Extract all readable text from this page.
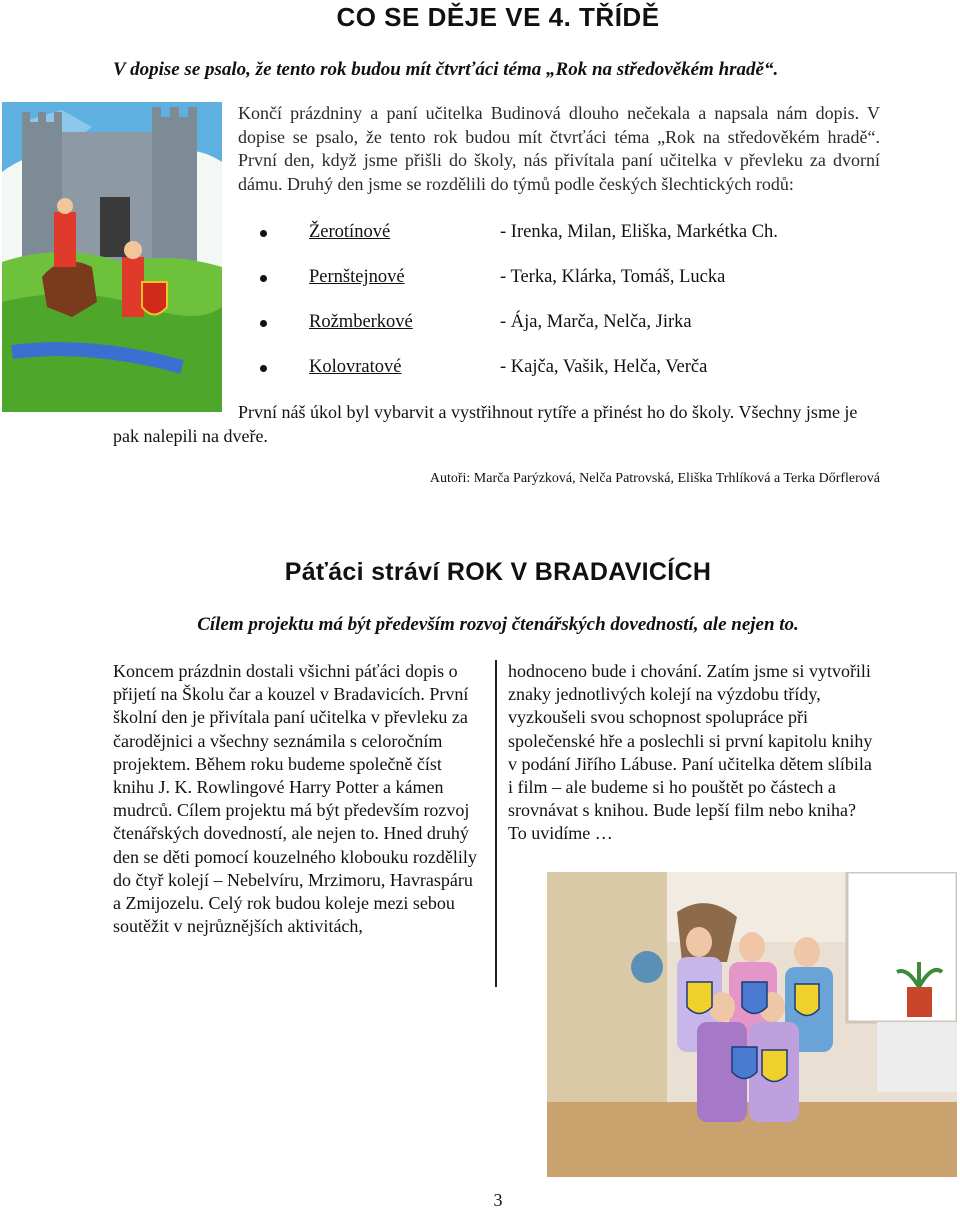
CO SE DĚJE VE 4. TŘÍDĚ
V dopise se psalo, že tento rok budou mít čtvrťáci téma „Rok na středověkém hradě“.
Končí prázdniny a paní učitelka Budinová dlouho nečekala a napsala nám dopis. V dopise se psalo, že tento rok budou mít čtvrťáci téma „Rok na středověkém hradě“. První den, když jsme přišli do školy, nás přivítala paní učitelka v převleku za dvorní dámu. Druhý den jsme se rozdělili do týmů podle českých šlechtických rodů:
Žerotínové	- Irenka, Milan, Eliška, Markétka Ch.
Pernštejnové	- Terka, Klárka, Tomáš, Lucka
Rožmberkové	- Ája, Marča, Nelča, Jirka
Kolovratové	- Kajča, Vašik, Helča, Verča
První náš úkol byl vybarvit a vystřihnout rytíře a přinést ho do školy. Všechny jsme je pak nalepili na dveře.
Autoři: Marča Parýzková, Nelča Patrovská, Eliška Trhlíková a Terka Dőrflerová
Páťáci stráví ROK V BRADAVICÍCH
Cílem projektu má být především rozvoj čtenářských dovedností, ale nejen to.
Koncem prázdnin dostali všichni páťáci dopis o přijetí na Školu čar a kouzel v Bradavicích. První školní den je přivítala paní učitelka v převleku za čarodějnici a všechny seznámila s celoročním projektem. Během roku budeme společně číst knihu J. K. Rowlingové Harry Potter a kámen mudrců. Cílem projektu má být především rozvoj čtenářských dovedností, ale nejen to. Hned druhý den se děti pomocí kouzelného klobouku rozdělily do čtyř kolejí – Nebelvíru, Mrzimoru, Havraspáru a Zmijozelu. Celý rok budou koleje mezi sebou soutěžit v nejrůznějších aktivitách,
hodnoceno bude i chování. Zatím jsme si vytvořili znaky jednotlivých kolejí na výzdobu třídy, vyzkoušeli svou schopnost spolupráce při společenské hře a poslechli si první kapitolu knihy v podání Jiřího Lábuse. Paní učitelka dětem slíbila i film – ale budeme si ho pouštět po částech a srovnávat s knihou. Bude lepší film nebo kniha? To uvidíme …
3
